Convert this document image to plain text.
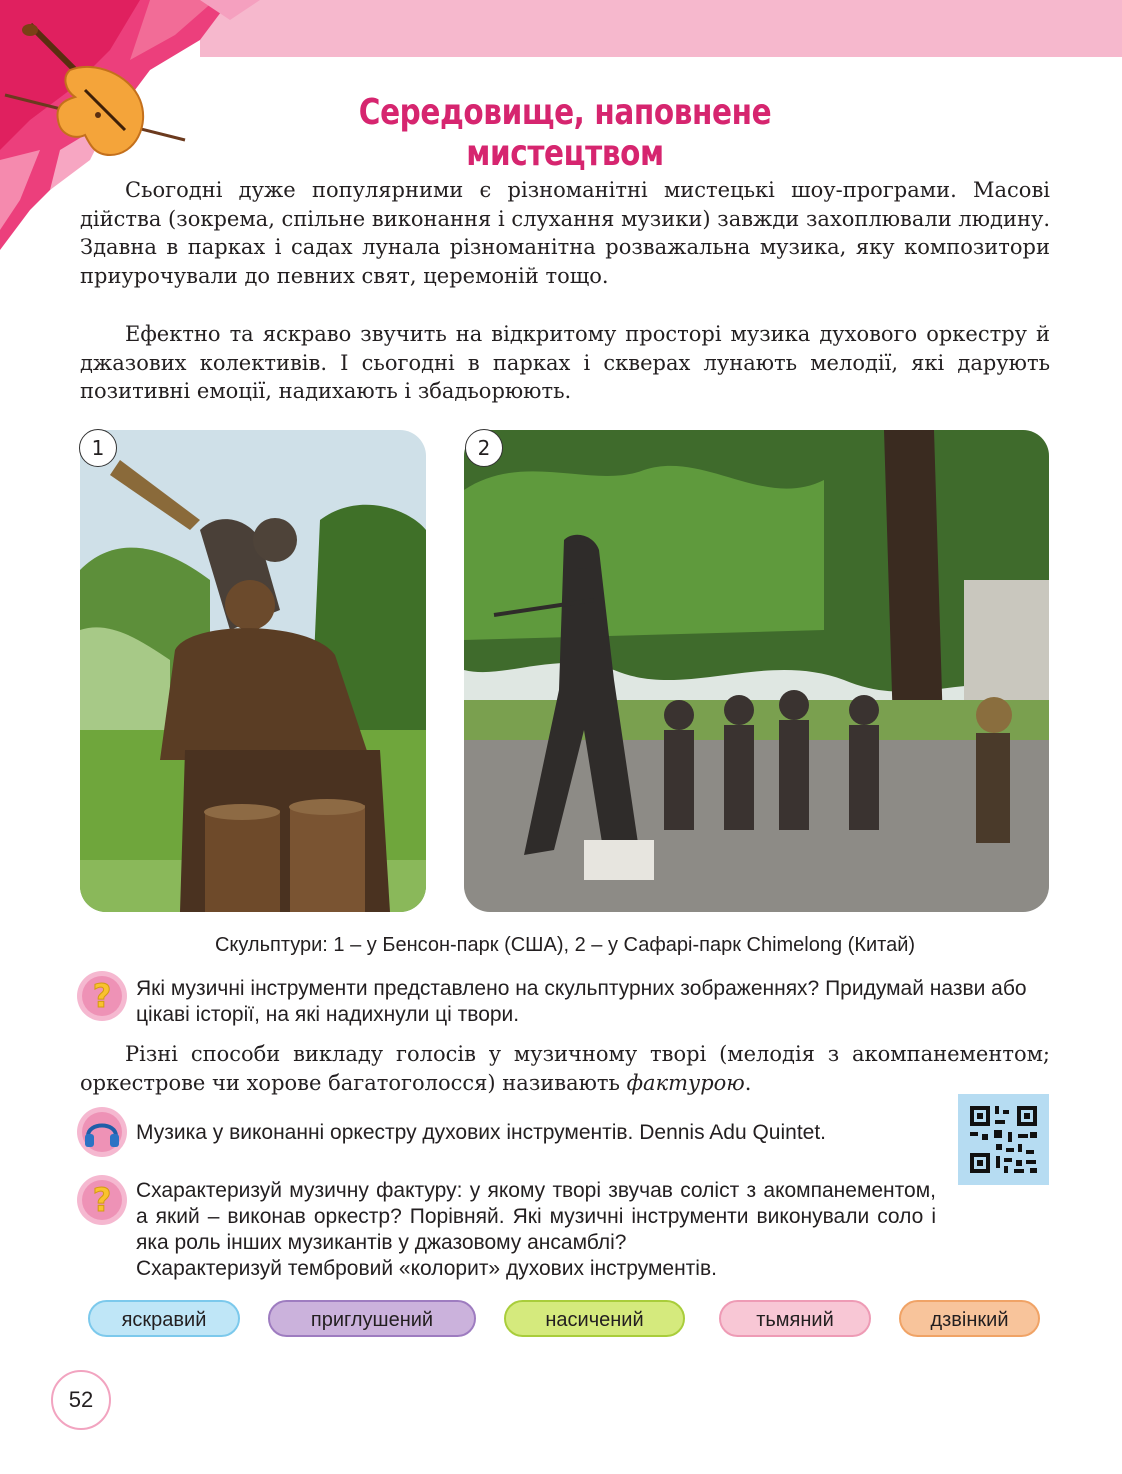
Середовище, наповнене мистецтвом

Сьогодні дуже популярними є різноманітні мистецькі шоу-програми. Масові дійства (зокрема, спільне виконання і слухання музики) завжди захоплювали людину. Здавна в парках і садах лунала різноманітна розважальна музика, яку композитори приурочували до певних свят, церемоній тощо.

Ефектно та яскраво звучить на відкритому просторі музика духового оркестру й джазових колективів. І сьогодні в парках і скверах лунають мелодії, які дарують позитивні емоції, надихають і збадьорюють.

1	2
Скульптури: 1 – у Бенсон-парк (США), 2 – у Сафарі-парк Chimelong (Китай)
? Які музичні інструменти представлено на скульптурних зображеннях? Придумай назви або цікаві історії, на які надихнули ці твори.

Різні способи викладу голосів у музичному творі (мелодія з акомпанементом; оркестрове чи хорове багатоголосся) називають фактурою.

Музика у виконанні оркестру духових інструментів. Dennis Adu Quintet.
? Схарактеризуй музичну фактуру: у якому творі звучав соліст з акомпанементом, а який – виконав оркестр? Порівняй. Які музичні інструменти виконували соло і яка роль інших музикантів у джазовому ансамблі?

Схарактеризуй тембровий «колорит» духових інструментів.

яскравий	приглушений	насичений	тьмяний	дзвінкий
52
